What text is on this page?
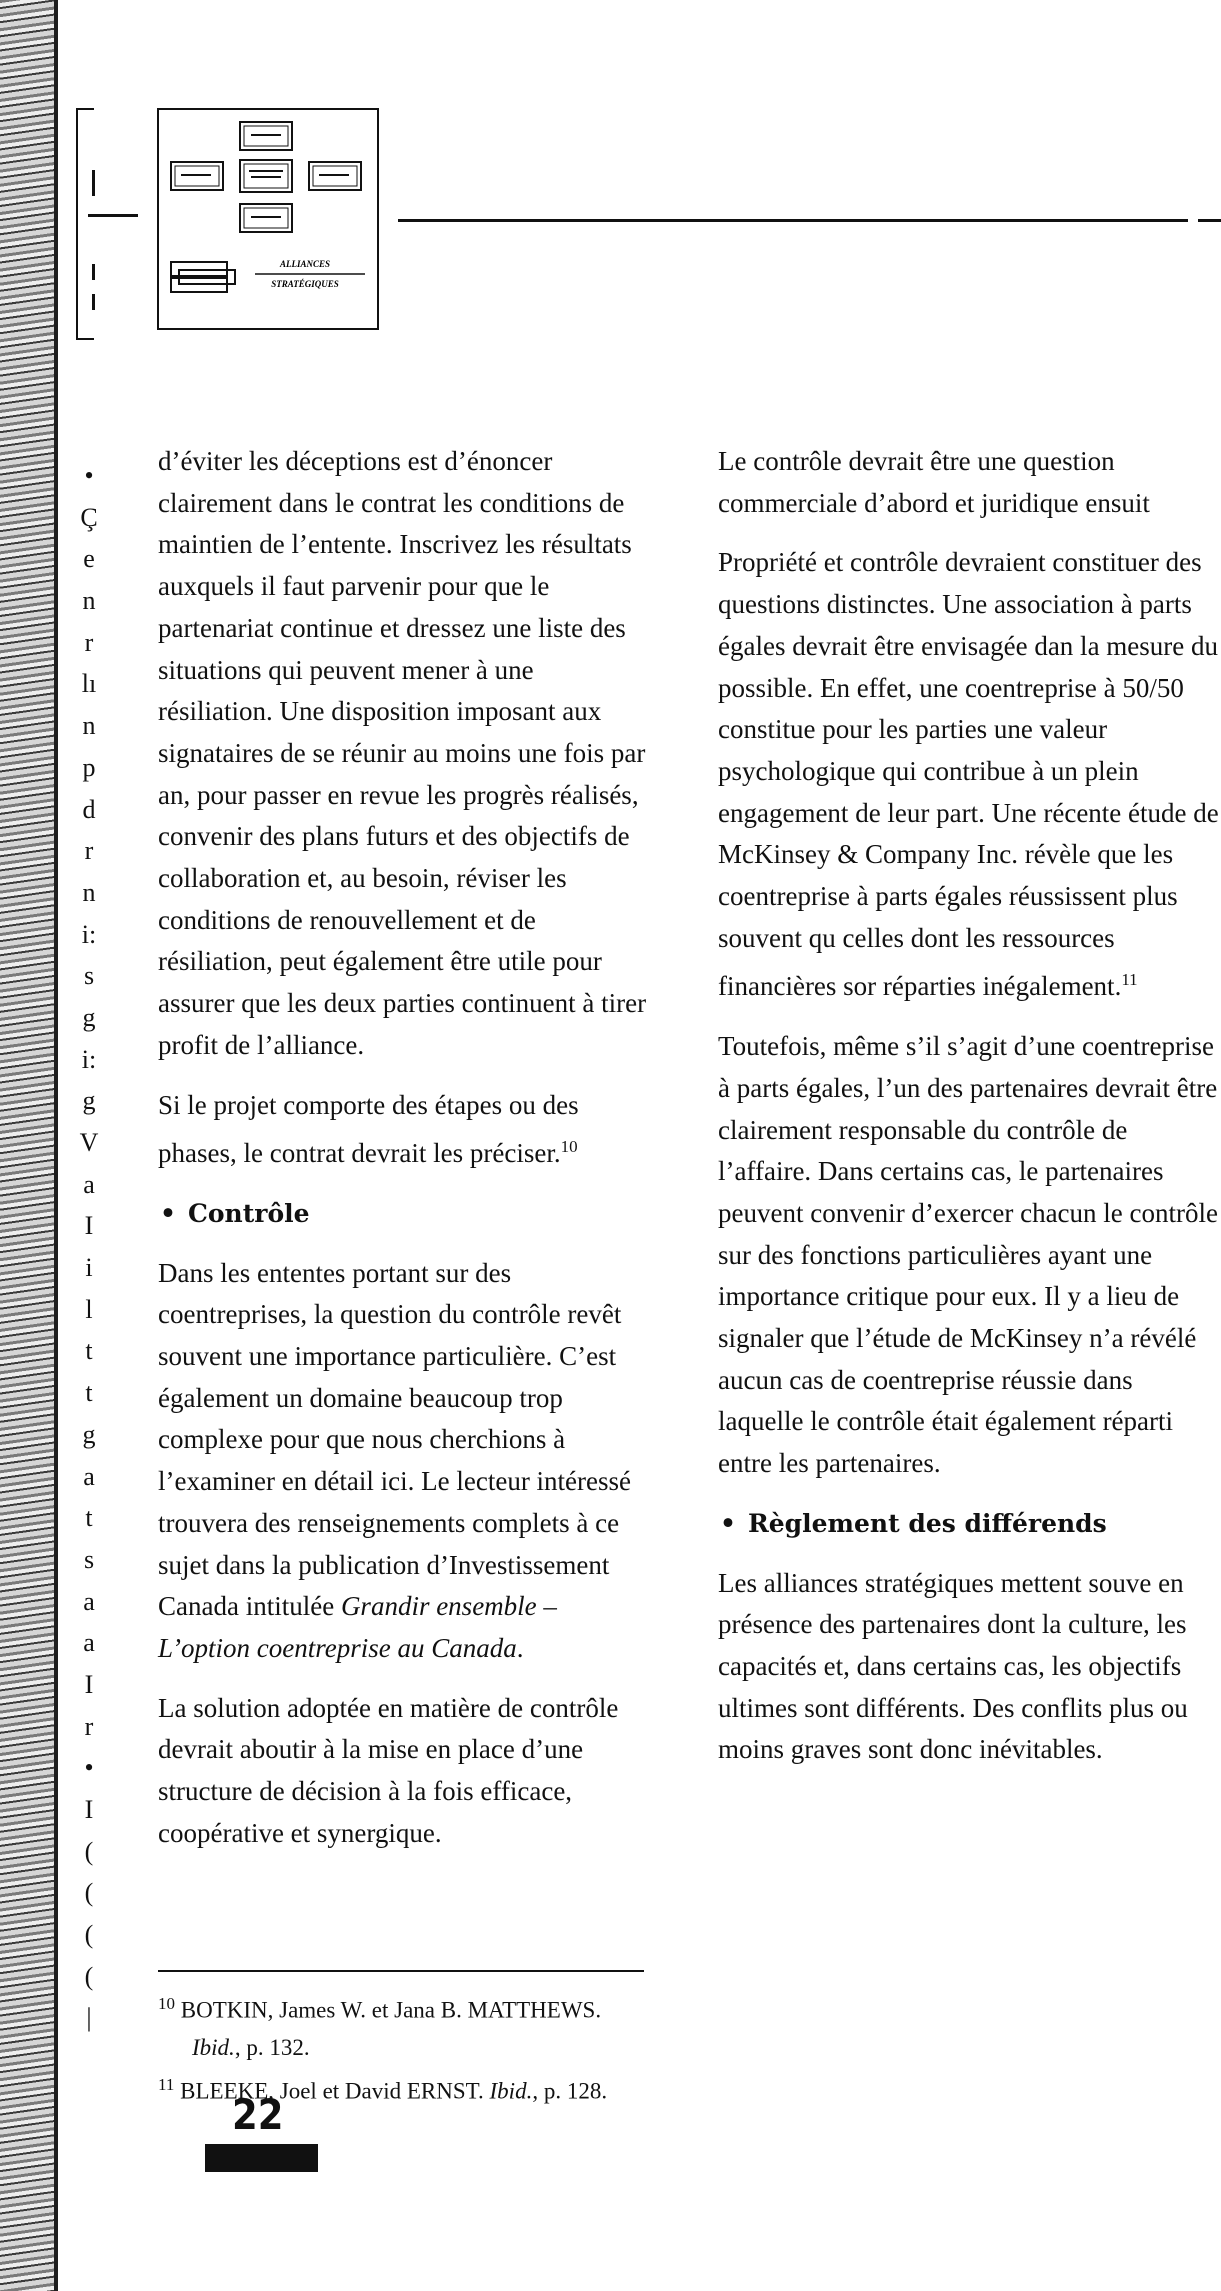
ALLIANCES
STRATÉGIQUES
•
Ç
e
n
r
lı
n
p
d
r
n
i:
s
g
i:
g
V
a
I
i
l
t
t
g
a
t
s
a
a
I
r
•
I
(
(
(
(
|

d’éviter les déceptions est d’énoncer clairement dans le contrat les conditions de maintien de l’entente. Inscrivez les résultats auxquels il faut parvenir pour que le partenariat continue et dressez une liste des situations qui peuvent mener à une résiliation. Une disposition imposant aux signataires de se réunir au moins une fois par an, pour passer en revue les progrès réalisés, convenir des plans futurs et des objectifs de collaboration et, au besoin, réviser les conditions de renouvellement et de résiliation, peut également être utile pour assurer que les deux parties continuent à tirer profit de l’alliance.

Si le projet comporte des étapes ou des phases, le contrat devrait les préciser.$^{10}$

• Contrôle

Dans les ententes portant sur des coentreprises, la question du contrôle revêt souvent une importance particulière. C’est également un domaine beaucoup trop complexe pour que nous cherchions à l’examiner en détail ici. Le lecteur intéressé trouvera des renseignements complets à ce sujet dans la publication d’Investissement Canada intitulée Grandir ensemble – L’option coentreprise au Canada.

La solution adoptée en matière de contrôle devrait aboutir à la mise en place d’une structure de décision à la fois efficace, coopérative et synergique.

Le contrôle devrait être une question
commerciale d’abord et juridique ensuit

Propriété et contrôle devraient constituer des questions distinctes. Une association à parts égales devrait être envisagée dan la mesure du possible. En effet, une coentreprise à 50/50 constitue pour les parties une valeur psychologique qui contribue à un plein engagement de leur part. Une récente étude de McKinsey & Company Inc. révèle que les coentreprise à parts égales réussissent plus souvent qu celles dont les ressources financières sor réparties inégalement.$^{11}$

Toutefois, même s’il s’agit d’une coentreprise à parts égales, l’un des partenaires devrait être clairement responsable du contrôle de l’affaire. Dans certains cas, le partenaires peuvent convenir d’exercer chacun le contrôle sur des fonctions particulières ayant une importance critique pour eux. Il y a lieu de signaler que l’étude de McKinsey n’a révélé aucun cas de coentreprise réussie dans laquelle le contrôle était également réparti entre les partenaires.

• Règlement des différends

Les alliances stratégiques mettent souve en présence des partenaires dont la culture, les capacités et, dans certains cas, les objectifs ultimes sont différents. Des conflits plus ou moins graves sont donc inévitables.

$^{10}$ BOTKIN, James W. et Jana B. MATTHEWS.

Ibid., p. 132.

$^{11}$ BLEEKE, Joel et David ERNST. Ibid., p. 128.

22
